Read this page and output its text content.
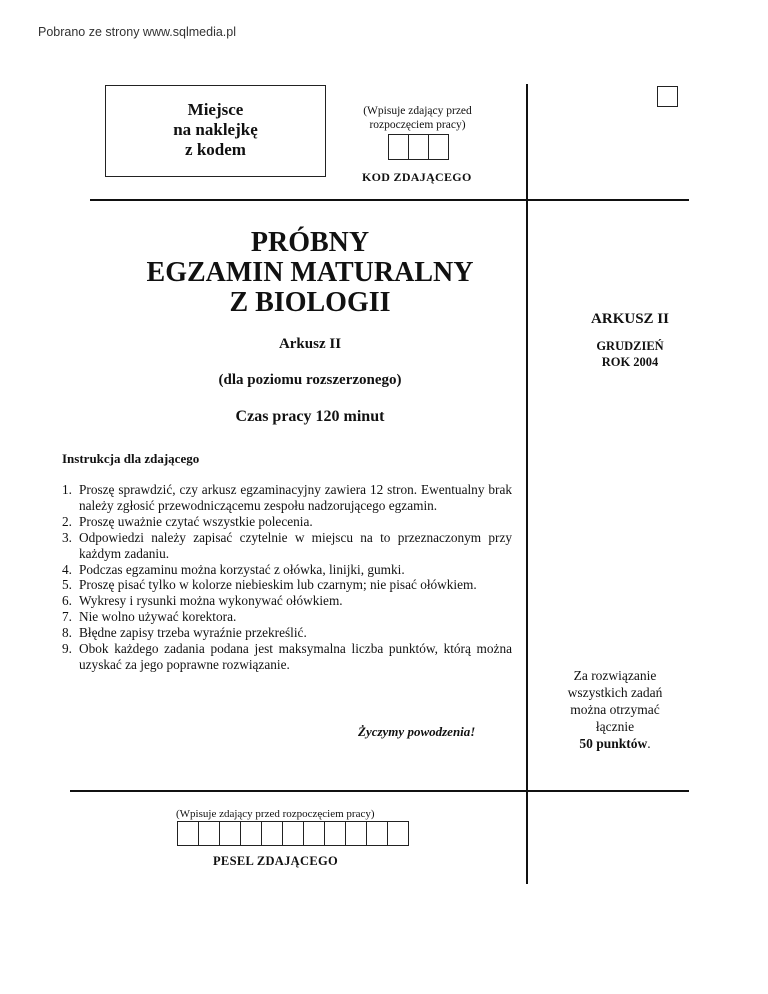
Pobrano ze strony www.sqlmedia.pl
Miejsce
na naklejkę
z kodem
(Wpisuje zdający przed
rozpoczęciem pracy)
KOD ZDAJĄCEGO
PRÓBNY
EGZAMIN MATURALNY
Z BIOLOGII
Arkusz II
(dla poziomu rozszerzonego)
Czas pracy 120 minut
ARKUSZ II
GRUDZIEŃ
ROK 2004
Instrukcja dla zdającego
1. Proszę sprawdzić, czy arkusz egzaminacyjny zawiera 12 stron. Ewentualny brak należy zgłosić przewodniczącemu zespołu nadzorującego egzamin.
2. Proszę uważnie czytać wszystkie polecenia.
3. Odpowiedzi należy zapisać czytelnie w miejscu na to przeznaczonym przy każdym zadaniu.
4. Podczas egzaminu można korzystać z ołówka, linijki, gumki.
5. Proszę pisać tylko w kolorze niebieskim lub czarnym; nie pisać ołówkiem.
6. Wykresy i rysunki można wykonywać ołówkiem.
7. Nie wolno używać korektora.
8. Błędne zapisy trzeba wyraźnie przekreślić.
9. Obok każdego zadania podana jest maksymalna liczba punktów, którą można uzyskać za jego poprawne rozwiązanie.
Życzymy powodzenia!
Za rozwiązanie
wszystkich zadań
można otrzymać
łącznie
50 punktów.
(Wpisuje zdający przed rozpoczęciem pracy)
PESEL ZDAJĄCEGO
